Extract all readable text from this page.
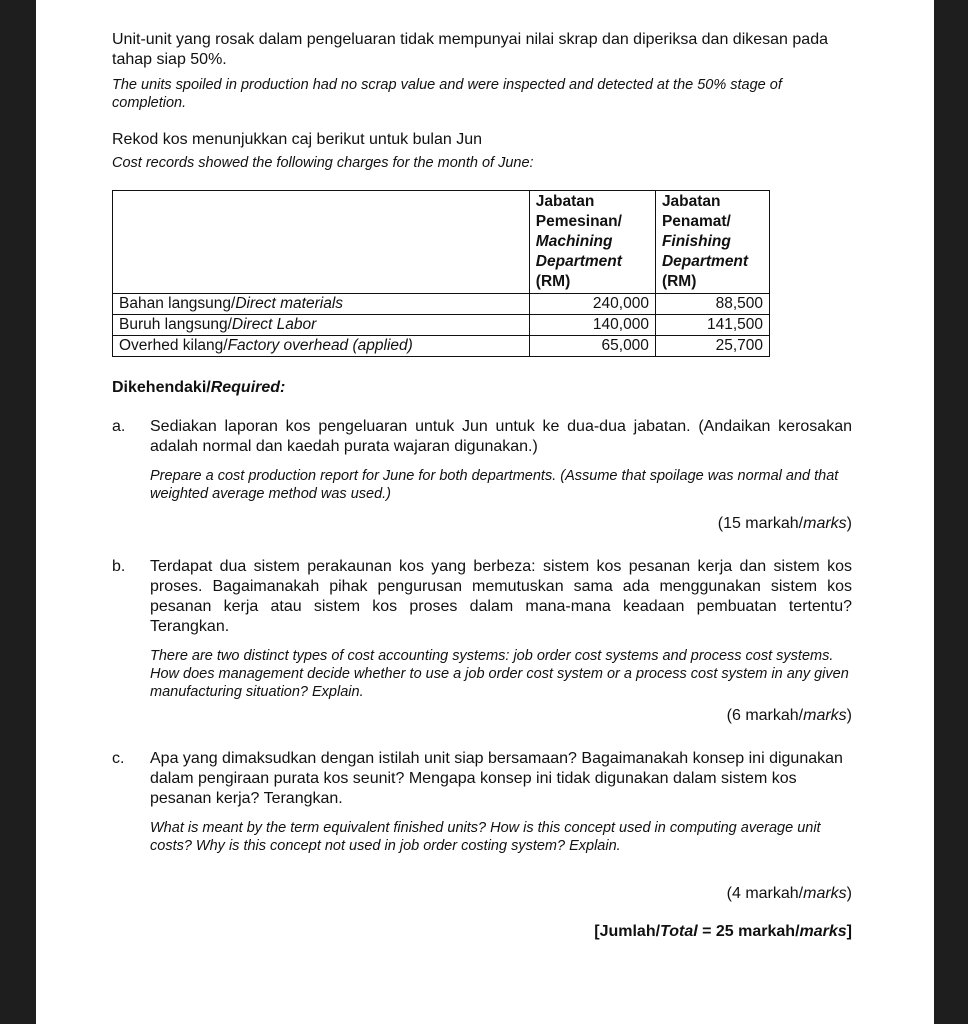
Unit-unit yang rosak dalam pengeluaran tidak mempunyai nilai skrap dan diperiksa dan dikesan pada tahap siap 50%.

The units spoiled in production had no scrap value and were inspected and detected at the 50% stage of completion.

Rekod kos menunjukkan caj berikut untuk bulan Jun

Cost records showed the following charges for the month of June:

	Jabatan Pemesinan/
Machining Department
(RM)	Jabatan Penamat/
Finishing Department
(RM)
Bahan langsung/Direct materials	240,000	88,500
Buruh langsung/Direct Labor	140,000	141,500
Overhed kilang/Factory overhead (applied)	65,000	25,700
Dikehendaki/Required:
a. Sediakan laporan kos pengeluaran untuk Jun untuk ke dua-dua jabatan. (Andaikan kerosakan adalah normal dan kaedah purata wajaran digunakan.)

Prepare a cost production report for June for both departments. (Assume that spoilage was normal and that weighted average method was used.)

(15 markah/marks)
b. Terdapat dua sistem perakaunan kos yang berbeza: sistem kos pesanan kerja dan sistem kos proses. Bagaimanakah pihak pengurusan memutuskan sama ada menggunakan sistem kos pesanan kerja atau sistem kos proses dalam mana-mana keadaan pembuatan tertentu? Terangkan.

There are two distinct types of cost accounting systems: job order cost systems and process cost systems. How does management decide whether to use a job order cost system or a process cost system in any given manufacturing situation? Explain.

(6 markah/marks)
c. Apa yang dimaksudkan dengan istilah unit siap bersamaan? Bagaimanakah konsep ini digunakan dalam pengiraan purata kos seunit? Mengapa konsep ini tidak digunakan dalam sistem kos pesanan kerja? Terangkan.

What is meant by the term equivalent finished units? How is this concept used in computing average unit costs? Why is this concept not used in job order costing system? Explain.

(4 markah/marks)
[Jumlah/Total = 25 markah/marks]
